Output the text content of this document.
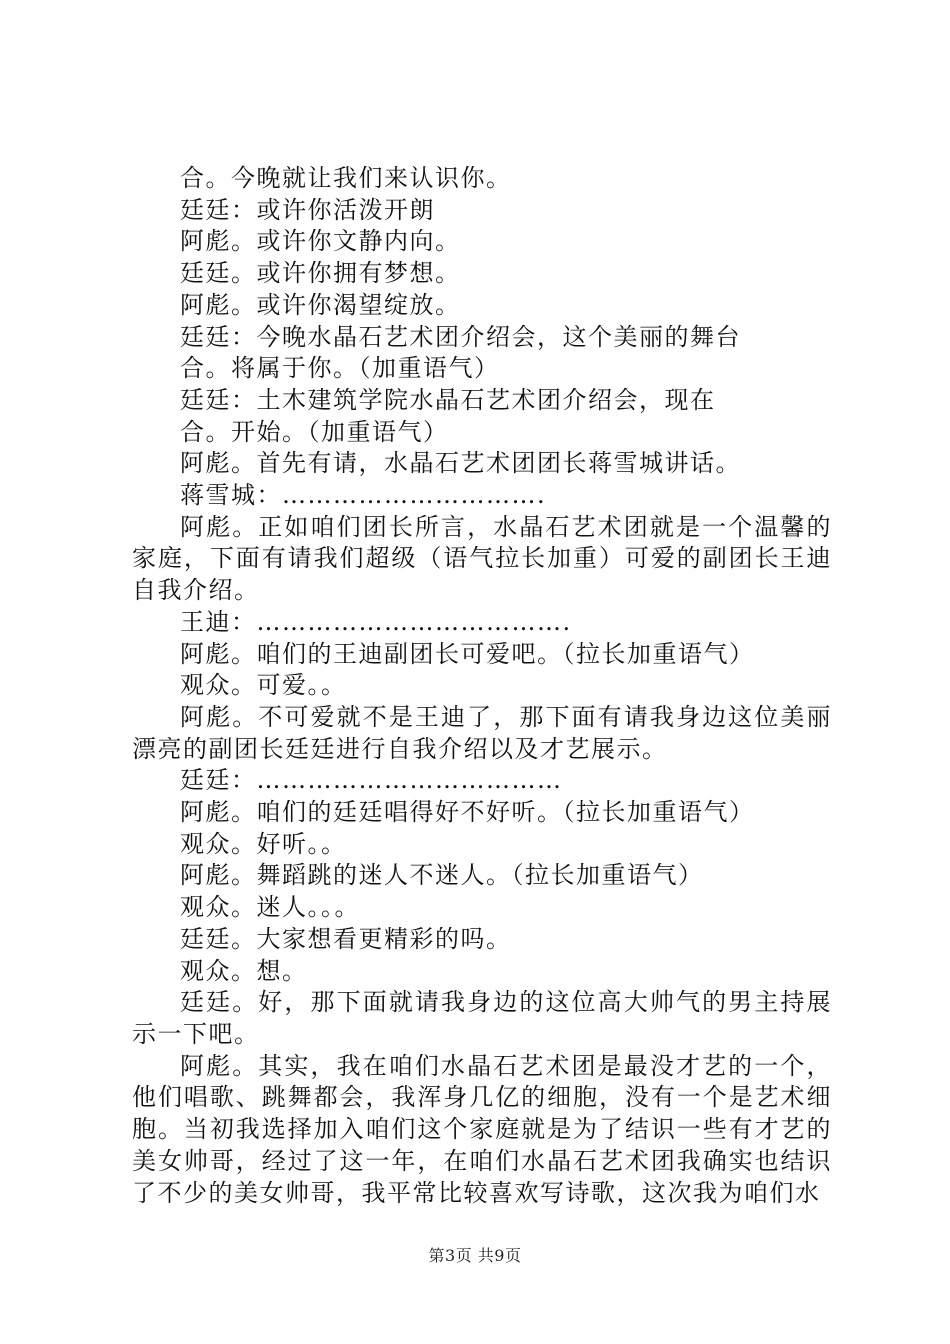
合。今晚就让我们来认识你。

廷廷：或许你活泼开朗

阿彪。或许你文静内向。

廷廷。或许你拥有梦想。

阿彪。或许你渴望绽放。

廷廷：今晚水晶石艺术团介绍会，这个美丽的舞台

合。将属于你。（加重语气）

廷廷：土木建筑学院水晶石艺术团介绍会，现在

合。开始。（加重语气）

阿彪。首先有请，水晶石艺术团团长蒋雪城讲话。

蒋雪城：………………………….

阿彪。正如咱们团长所言，水晶石艺术团就是一个温馨的家庭，下面有请我们超级（语气拉长加重）可爱的副团长王迪自我介绍。

王迪：……………………………….

阿彪。咱们的王迪副团长可爱吧。（拉长加重语气）

观众。可爱。。

阿彪。不可爱就不是王迪了，那下面有请我身边这位美丽漂亮的副团长廷廷进行自我介绍以及才艺展示。

廷廷：………………………………

阿彪。咱们的廷廷唱得好不好听。（拉长加重语气）

观众。好听。。

阿彪。舞蹈跳的迷人不迷人。（拉长加重语气）

观众。迷人。。。

廷廷。大家想看更精彩的吗。

观众。想。

廷廷。好，那下面就请我身边的这位高大帅气的男主持展示一下吧。

阿彪。其实，我在咱们水晶石艺术团是最没才艺的一个，他们唱歌、跳舞都会，我浑身几亿的细胞，没有一个是艺术细胞。当初我选择加入咱们这个家庭就是为了结识一些有才艺的美女帅哥，经过了这一年，在咱们水晶石艺术团我确实也结识了不少的美女帅哥，我平常比较喜欢写诗歌，这次我为咱们水

第3页 共9页
